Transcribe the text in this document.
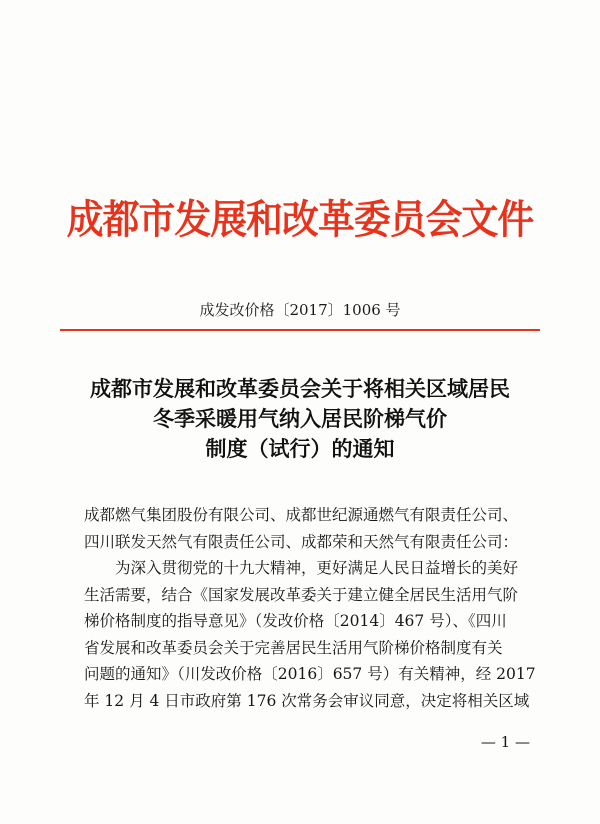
成都市发展和改革委员会文件
成发改价格〔2017〕1006 号
成都市发展和改革委员会关于将相关区域居民
冬季采暖用气纳入居民阶梯气价
制度（试行）的通知
成都燃气集团股份有限公司、成都世纪源通燃气有限责任公司、
四川联发天然气有限责任公司、成都荣和天然气有限责任公司：
为深入贯彻党的十九大精神，更好满足人民日益增长的美好
生活需要，结合《国家发展改革委关于建立健全居民生活用气阶
梯价格制度的指导意见》（发改价格〔2014〕467 号）、《四川
省发展和改革委员会关于完善居民生活用气阶梯价格制度有关
问题的通知》（川发改价格〔2016〕657 号）有关精神，经 2017
年 12 月 4 日市政府第 176 次常务会审议同意，决定将相关区域
— 1 —
